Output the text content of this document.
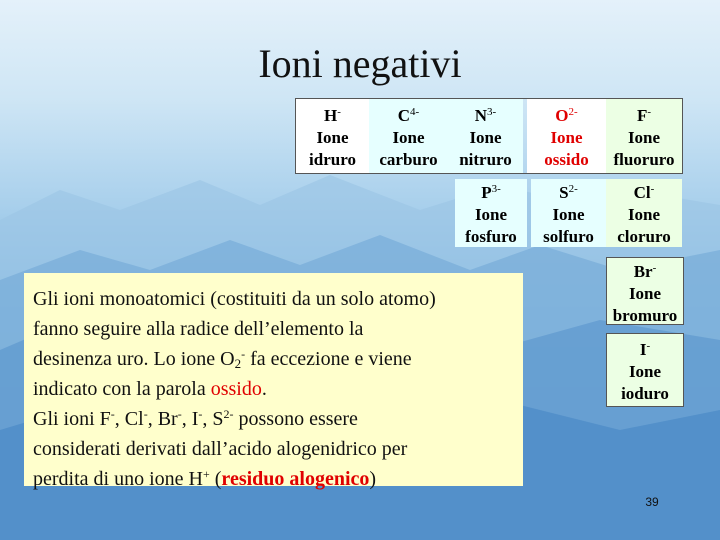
Ioni negativi
H-
Ione
idruro
$C^{4-}$
Ione
carburo
$N^{3-}$
Ione
nitruro
$O^{2-}$
Ione
ossido
F-
Ione
fluoruro
$P^{3-}$
Ione
fosfuro
$S^{2-}$
Ione
solfuro
Cl-
Ione
cloruro
Br-
Ione
bromuro
I-
Ione
ioduro
Gli ioni monoatomici (costituiti da un solo atomo)
fanno seguire alla radice dell’elemento la
desinenza uro. Lo ione $O_2^-$ fa eccezione e viene
indicato con la parola ossido.
Gli ioni F-, Cl-, Br-, I-, $S^{2-}$ possono essere
considerati derivati dall’acido alogenidrico per
perdita di uno ione H+ (residuo alogenico)
39
